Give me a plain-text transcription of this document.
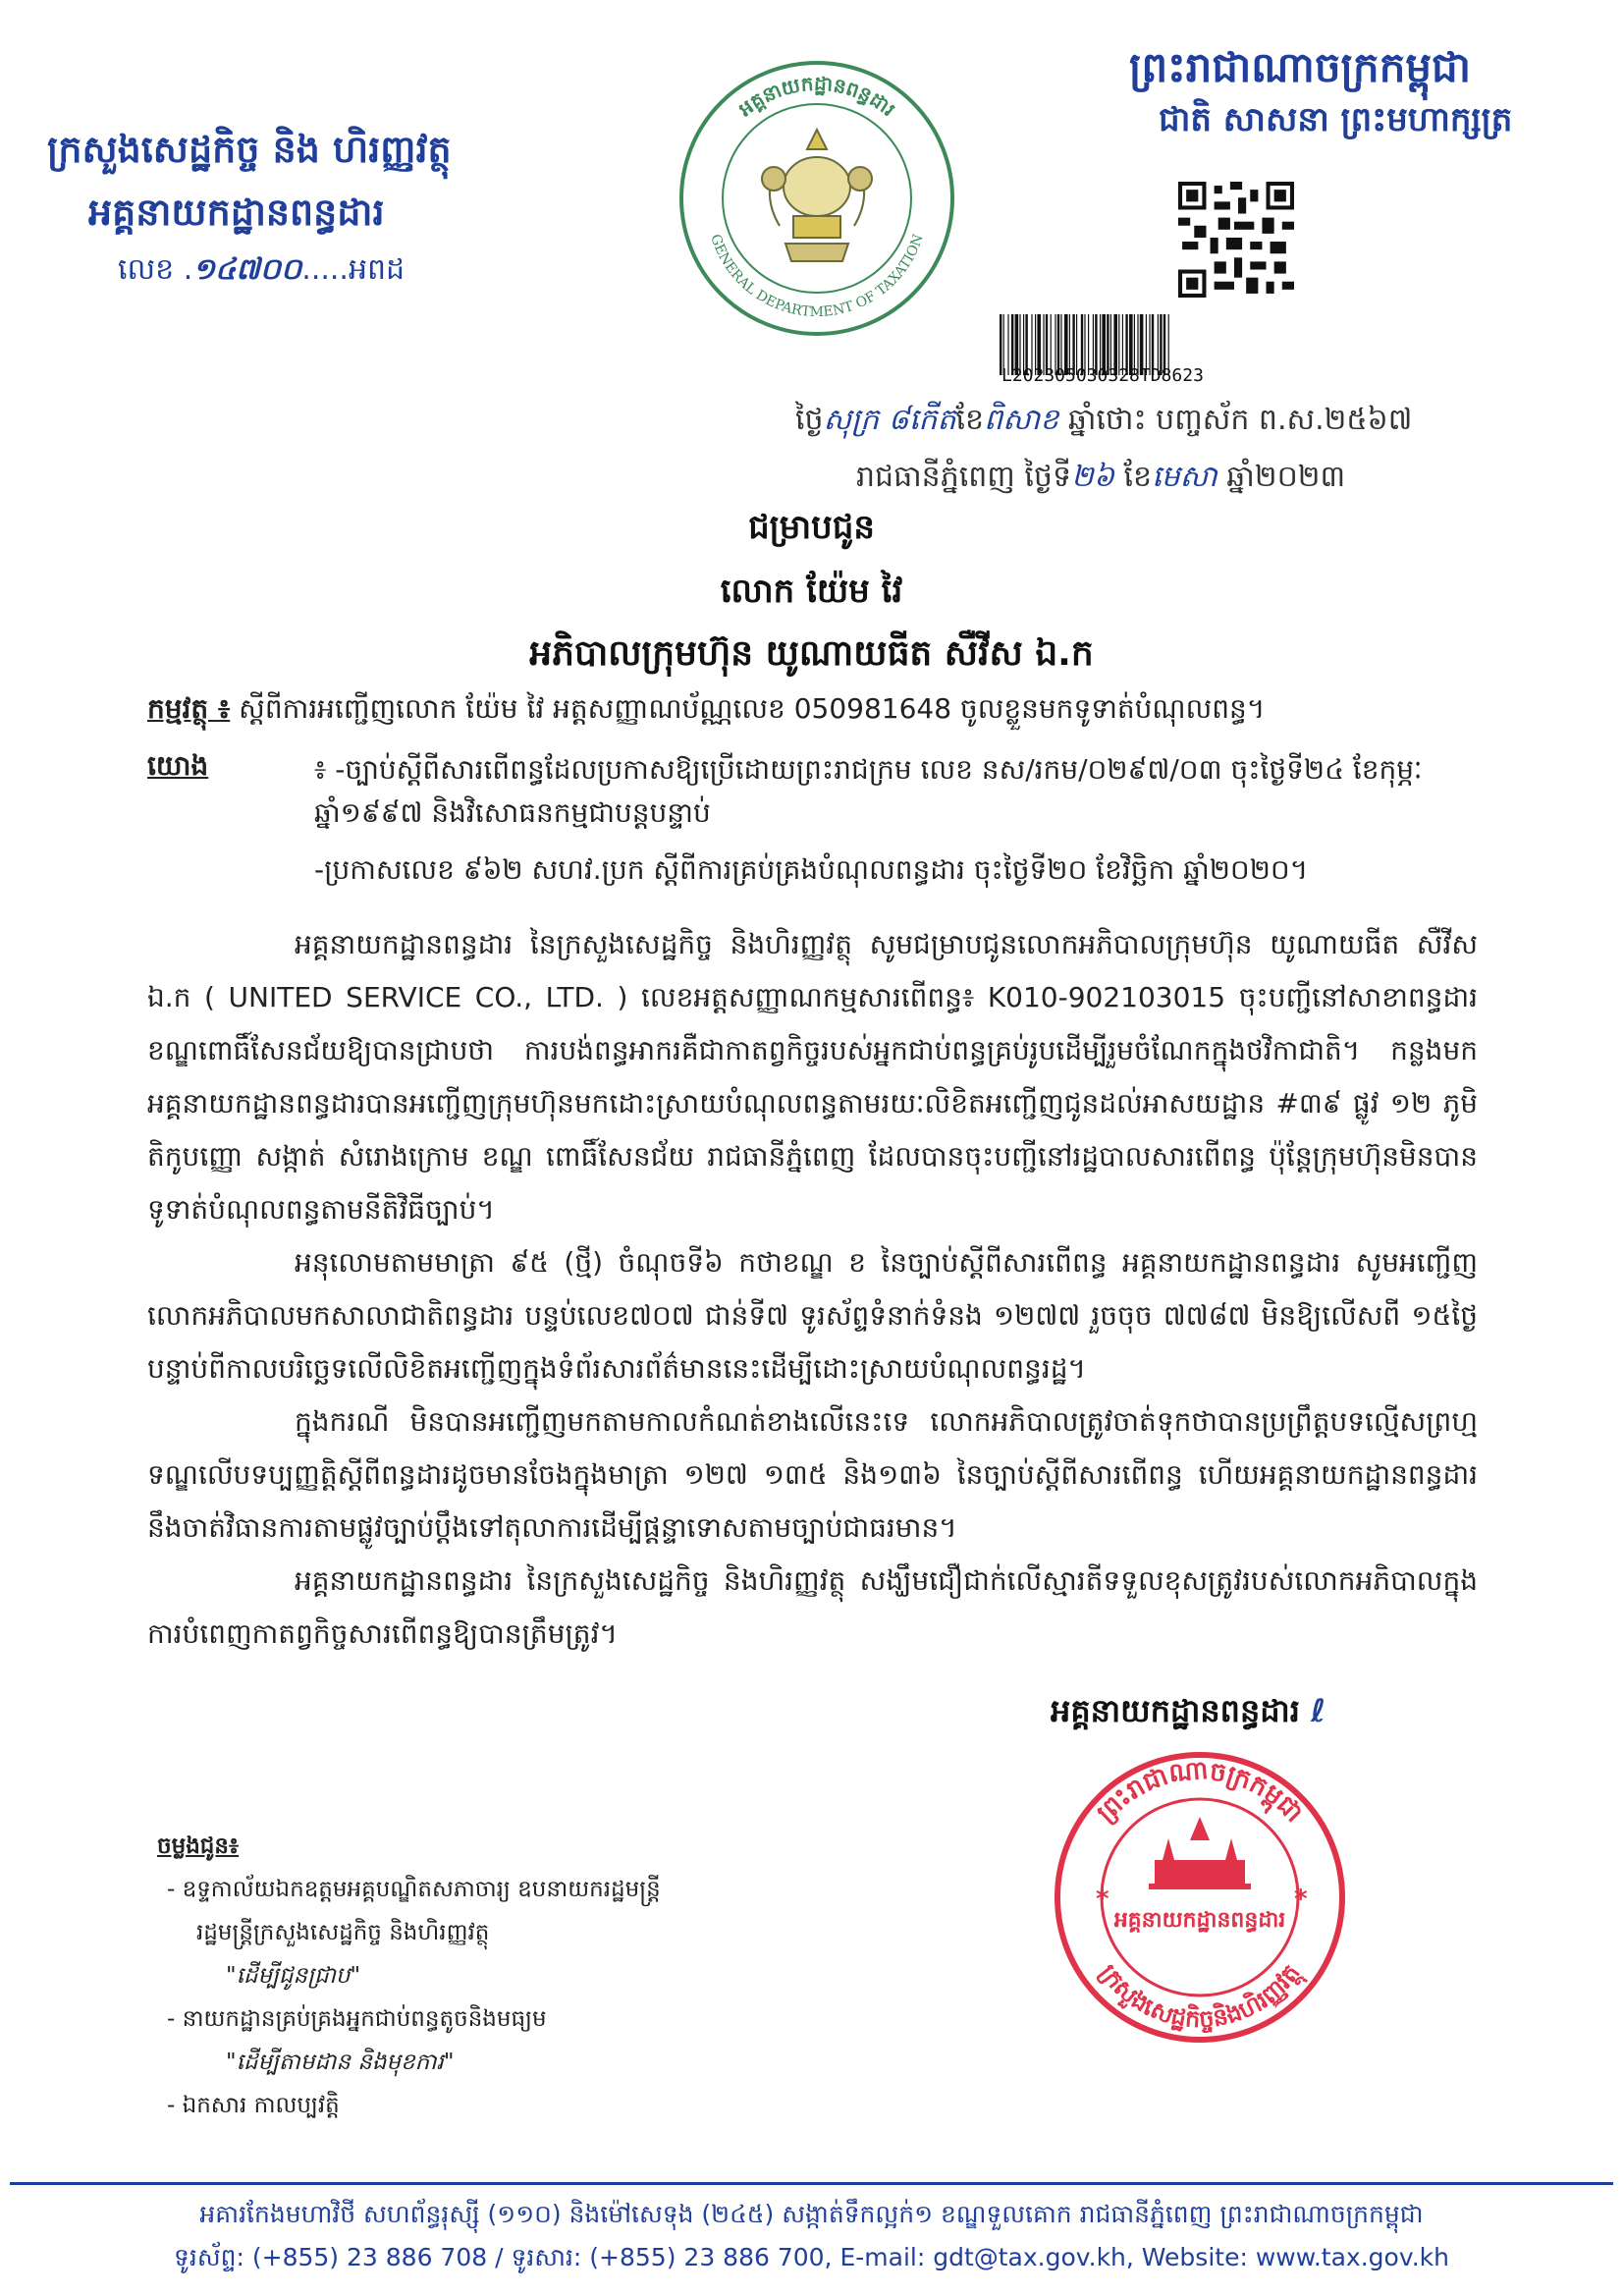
ក្រសួងសេដ្ឋកិច្ច និង ហិរញ្ញវត្ថុ
អគ្គនាយកដ្ឋានពន្ធដារ
លេខ .១៤៧០០.....អពដ
ព្រះរាជាណាចក្រកម្ពុជា
ជាតិ សាសនា ព្រះមហាក្សត្រ
អគ្គនាយកដ្ឋានពន្ធដារ
GENERAL DEPARTMENT OF TAXATION
L202305030328TD8623
ថ្ងៃសុក្រ ៨កើតខែពិសាខ ឆ្នាំថោះ បញ្ចស័ក ព.ស.២៥៦៧
រាជធានីភ្នំពេញ ថ្ងៃទី២៦ ខែមេសា ឆ្នាំ២០២៣
ជម្រាបជូន
លោក យ៉ែម វៃ
អភិបាលក្រុមហ៊ុន យូណាយធីត សឺវីស ឯ.ក
កម្មវត្ថុ ៖ ស្ដីពីការអញ្ជើញលោក យ៉ែម វៃ អត្តសញ្ញាណប័ណ្ណលេខ 050981648 ចូលខ្លួនមកទូទាត់បំណុលពន្ធ។
យោង	៖ -ច្បាប់ស្តីពីសារពើពន្ធដែលប្រកាសឱ្យប្រើដោយព្រះរាជក្រម លេខ នស/រកម/០២៩៧/០៣ ចុះថ្ងៃទី២៤ ខែកុម្ភៈ ឆ្នាំ១៩៩៧ និងវិសោធនកម្មជាបន្តបន្ទាប់
-ប្រកាសលេខ ៩៦២ សហវ.ប្រក ស្តីពីការគ្រប់គ្រងបំណុលពន្ធដារ ចុះថ្ងៃទី២០ ខែវិច្ឆិកា ឆ្នាំ២០២០។

អគ្គនាយកដ្ឋានពន្ធដារ នៃក្រសួងសេដ្ឋកិច្ច និងហិរញ្ញវត្ថុ សូមជម្រាបជូនលោកអភិបាលក្រុមហ៊ុន យូណាយធីត សឺវីស ឯ.ក ( UNITED SERVICE CO., LTD. ) លេខអត្តសញ្ញាណកម្មសារពើពន្ធ៖ K010-902103015 ចុះបញ្ជីនៅសាខាពន្ធដារខណ្ឌពោធិ៍សែនជ័យឱ្យបានជ្រាបថា ការបង់ពន្ធអាករគឺជាកាតព្វកិច្ចរបស់អ្នកជាប់ពន្ធគ្រប់រូបដើម្បីរួមចំណែកក្នុងថវិកាជាតិ។ កន្លងមក អគ្គនាយកដ្ឋានពន្ធដារបានអញ្ជើញក្រុមហ៊ុនមកដោះស្រាយបំណុលពន្ធតាមរយៈលិខិតអញ្ជើញជូនដល់អាសយដ្ឋាន #៣៩ ផ្លូវ ១២ ភូមិ តិកូបញ្ញោ សង្កាត់ សំរោងក្រោម ខណ្ឌ ពោធិ៍សែនជ័យ រាជធានីភ្នំពេញ ដែលបានចុះបញ្ជីនៅរដ្ឋបាលសារពើពន្ធ ប៉ុន្តែក្រុមហ៊ុនមិនបានទូទាត់បំណុលពន្ធតាមនីតិវិធីច្បាប់។

អនុលោមតាមមាត្រា ៩៥ (ថ្មី) ចំណុចទី៦ កថាខណ្ឌ ខ នៃច្បាប់ស្តីពីសារពើពន្ធ អគ្គនាយកដ្ឋានពន្ធដារ សូមអញ្ជើញលោកអភិបាលមកសាលាជាតិពន្ធដារ បន្ទប់លេខ៧០៧ ជាន់ទី៧ ទូរស័ព្ទទំនាក់ទំនង ១២៧៧ រួចចុច ៧៧៨៧ មិនឱ្យលើសពី ១៥ថ្ងៃ បន្ទាប់ពីកាលបរិច្ឆេទលើលិខិតអញ្ជើញក្នុងទំព័រសារព័ត៌មាននេះដើម្បីដោះស្រាយបំណុលពន្ធរដ្ឋ។

ក្នុងករណី មិនបានអញ្ជើញមកតាមកាលកំណត់ខាងលើនេះទេ លោកអភិបាលត្រូវចាត់ទុកថាបានប្រព្រឹត្តបទល្មើសព្រហ្មទណ្ឌលើបទប្បញ្ញត្តិស្តីពីពន្ធដារដូចមានចែងក្នុងមាត្រា ១២៧ ១៣៥ និង១៣៦ នៃច្បាប់ស្តីពីសារពើពន្ធ ហើយអគ្គនាយកដ្ឋានពន្ធដារនឹងចាត់វិធានការតាមផ្លូវច្បាប់ប្ដឹងទៅតុលាការដើម្បីផ្តន្ទាទោសតាមច្បាប់ជាធរមាន។

អគ្គនាយកដ្ឋានពន្ធដារ នៃក្រសួងសេដ្ឋកិច្ច និងហិរញ្ញវត្ថុ សង្ឃឹមជឿជាក់លើស្មារតីទទួលខុសត្រូវរបស់លោកអភិបាលក្នុងការបំពេញកាតព្វកិច្ចសារពើពន្ធឱ្យបានត្រឹមត្រូវ។

អគ្គនាយកដ្ឋានពន្ធដារ ℓ
ព្រះរាជាណាចក្រកម្ពុជា
ក្រសួងសេដ្ឋកិច្ចនិងហិរញ្ញវត្ថុ
អគ្គនាយកដ្ឋានពន្ធដារ
*	*
ចម្លងជូន៖
- ឧទ្ទកាល័យឯកឧត្តមអគ្គបណ្ឌិតសភាចារ្យ ឧបនាយករដ្ឋមន្ត្រី
រដ្ឋមន្ត្រីក្រសួងសេដ្ឋកិច្ច និងហិរញ្ញវត្ថុ
"ដើម្បីជូនជ្រាប"
- នាយកដ្ឋានគ្រប់គ្រងអ្នកជាប់ពន្ធតូចនិងមធ្យម
"ដើម្បីតាមដាន និងមុខការ"
- ឯកសារ កាលប្បវត្តិ
អគារកែងមហាវិថី សហព័ន្ធរុស្ស៊ី (១១០) និងម៉ៅសេទុង (២៤៥) សង្កាត់ទឹកល្អក់១ ខណ្ឌទួលគោក រាជធានីភ្នំពេញ ព្រះរាជាណាចក្រកម្ពុជា
ទូរស័ព្ទ: (+855) 23 886 708 / ទូរសារ: (+855) 23 886 700, E-mail: gdt@tax.gov.kh, Website: www.tax.gov.kh
